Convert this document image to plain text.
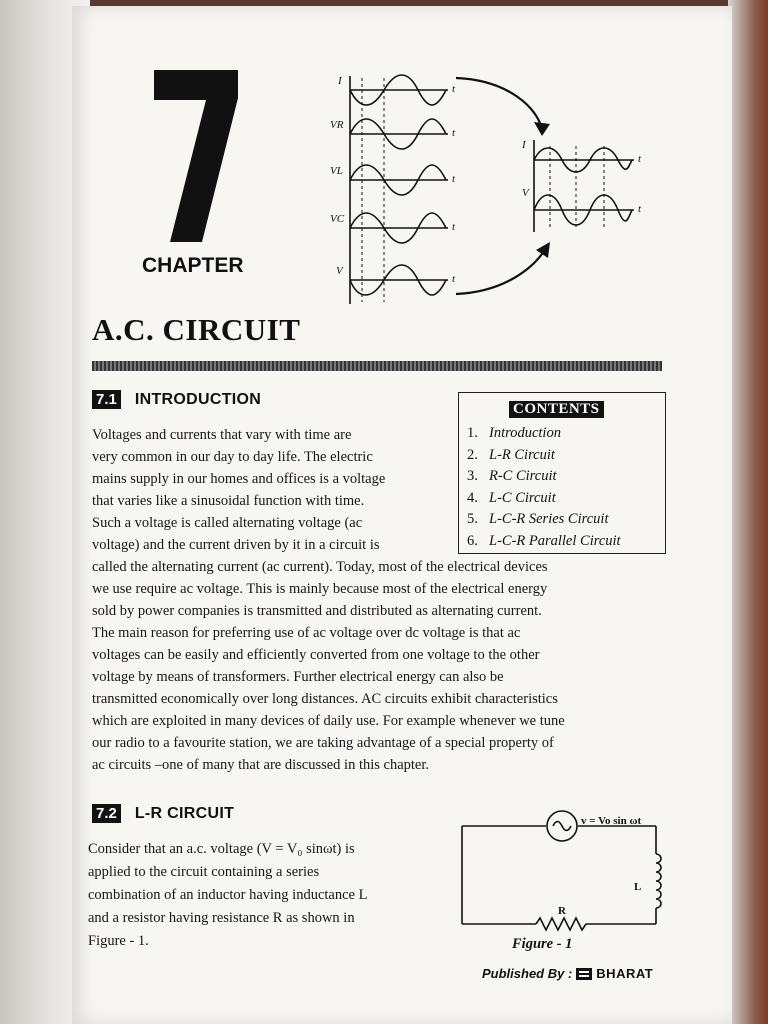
CHAPTER
I
VR
VL
VC
V
t
t
t
t
t
I
V
t
t
A.C. CIRCUIT
7.1 INTRODUCTION
CONTENTS
1. Introduction
2. L-R Circuit
3. R-C Circuit
4. L-C Circuit
5. L-C-R Series Circuit
6. L-C-R Parallel Circuit
Voltages and currents that vary with time are
very common in our day to day life. The electric
mains supply in our homes and offices is a voltage
that varies like a sinusoidal function with time.
Such a voltage is called alternating voltage (ac
voltage) and the current driven by it in a circuit is
called the alternating current (ac current). Today, most of the electrical devices
we use require ac voltage. This is mainly because most of the electrical energy
sold by power companies is transmitted and distributed as alternating current.
The main reason for preferring use of ac voltage over dc voltage is that ac
voltages can be easily and efficiently converted from one voltage to the other
voltage by means of transformers. Further electrical energy can also be
transmitted economically over long distances. AC circuits exhibit characteristics
which are exploited in many devices of daily use. For example whenever we tune
our radio to a favourite station, we are taking advantage of a special property of
ac circuits –one of many that are discussed in this chapter.
7.2 L-R CIRCUIT
Consider that an a.c. voltage (V = V₀ sinωt) is
applied to the circuit containing a series
combination of an inductor having inductance L
and a resistor having resistance R as shown in
Figure - 1.
v = Vo sin ωt
L
R
Figure - 1
Published By : BHARAT
